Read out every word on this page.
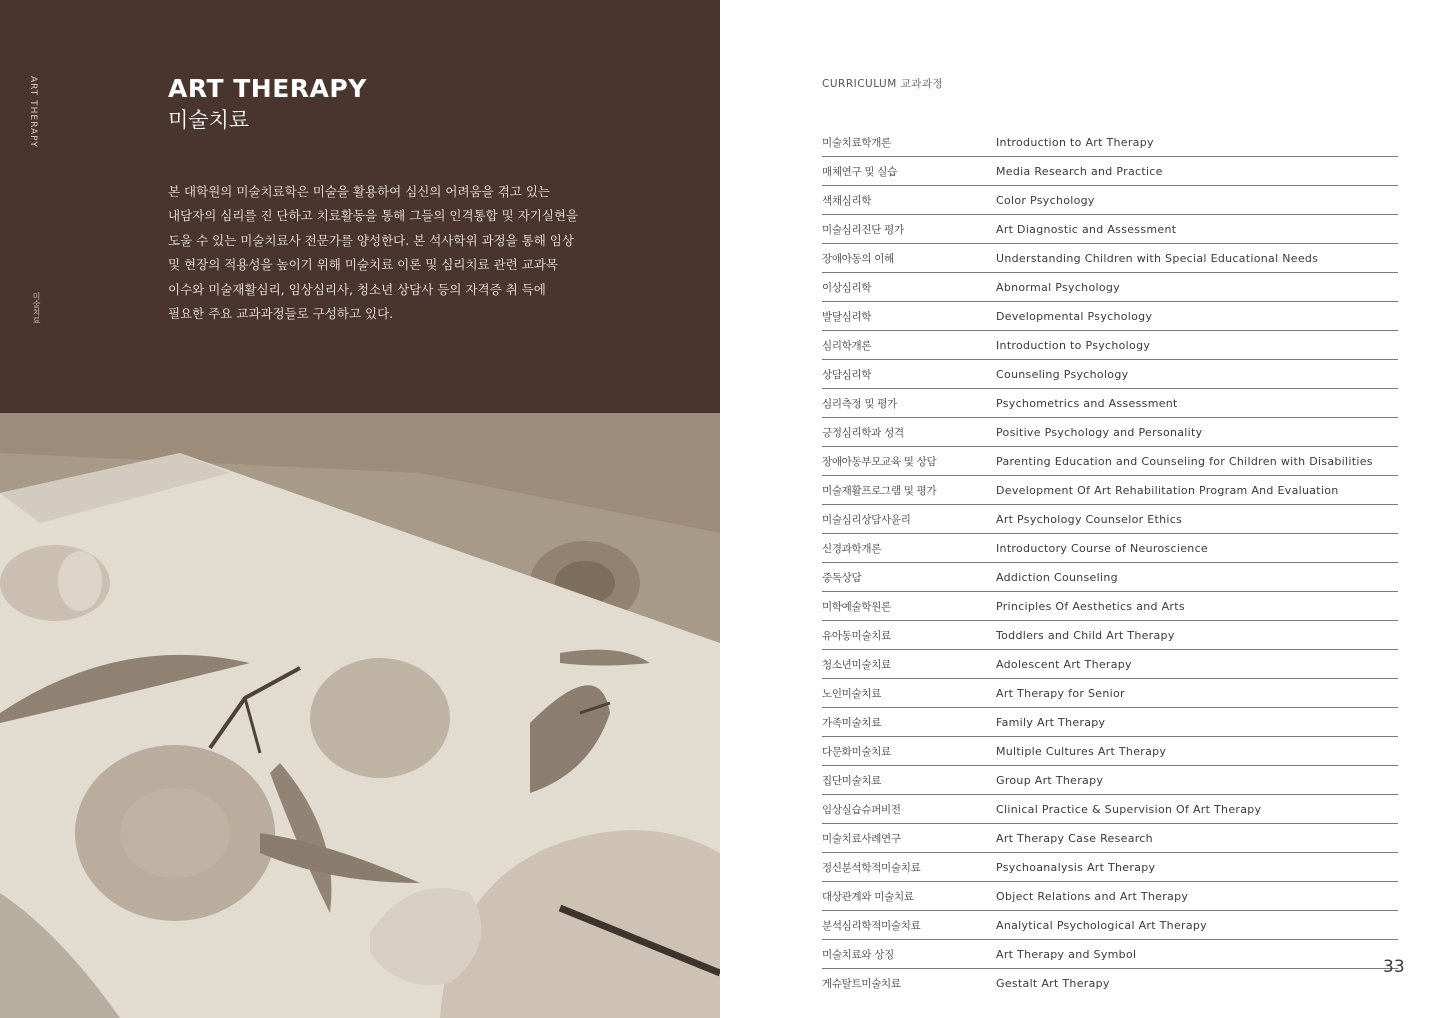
ART THERAPY
미술치료
ART THERAPY
미술치료
본 대학원의 미술치료학은 미술을 활용하여 심신의 어려움을 겪고 있는
내담자의 심리를 진 단하고 치료활동을 통해 그들의 인격통합 및 자기실현을
도울 수 있는 미술치료사 전문가를 양성한다. 본 석사학위 과정을 통해 임상
및 현장의 적용성을 높이기 위해 미술치료 이론 및 심리치료 관련 교과목
이수와 미술재활심리, 임상심리사, 청소년 상담사 등의 자격증 취 득에
필요한 주요 교과과정들로 구성하고 있다.
CURRICULUM 교과과정
미술치료학개론	Introduction to Art Therapy
매체연구 및 실습	Media Research and Practice
색채심리학	Color Psychology
미술심리진단 평가	Art Diagnostic and Assessment
장애아동의 이해	Understanding Children with Special Educational Needs
이상심리학	Abnormal Psychology
발달심리학	Developmental Psychology
심리학개론	Introduction to Psychology
상담심리학	Counseling Psychology
심리측정 및 평가	Psychometrics and Assessment
긍정심리학과 성격	Positive Psychology and Personality
장애아동부모교육 및 상담	Parenting Education and Counseling for Children with Disabilities
미술재활프로그램 및 평가	Development Of Art Rehabilitation Program And Evaluation
미술심리상담사윤리	Art Psychology Counselor Ethics
신경과학개론	Introductory Course of Neuroscience
중독상담	Addiction Counseling
미학예술학원론	Principles Of Aesthetics and Arts
유아동미술치료	Toddlers and Child Art Therapy
청소년미술치료	Adolescent Art Therapy
노인미술치료	Art Therapy for Senior
가족미술치료	Family Art Therapy
다문화미술치료	Multiple Cultures Art Therapy
집단미술치료	Group Art Therapy
임상실습슈퍼비전	Clinical Practice & Supervision Of Art Therapy
미술치료사례연구	Art Therapy Case Research
정신분석학적미술치료	Psychoanalysis Art Therapy
대상관계와 미술치료	Object Relations and Art Therapy
분석심리학적미술치료	Analytical Psychological Art Therapy
미술치료와 상징	Art Therapy and Symbol
게슈탈트미술치료	Gestalt Art Therapy
33
